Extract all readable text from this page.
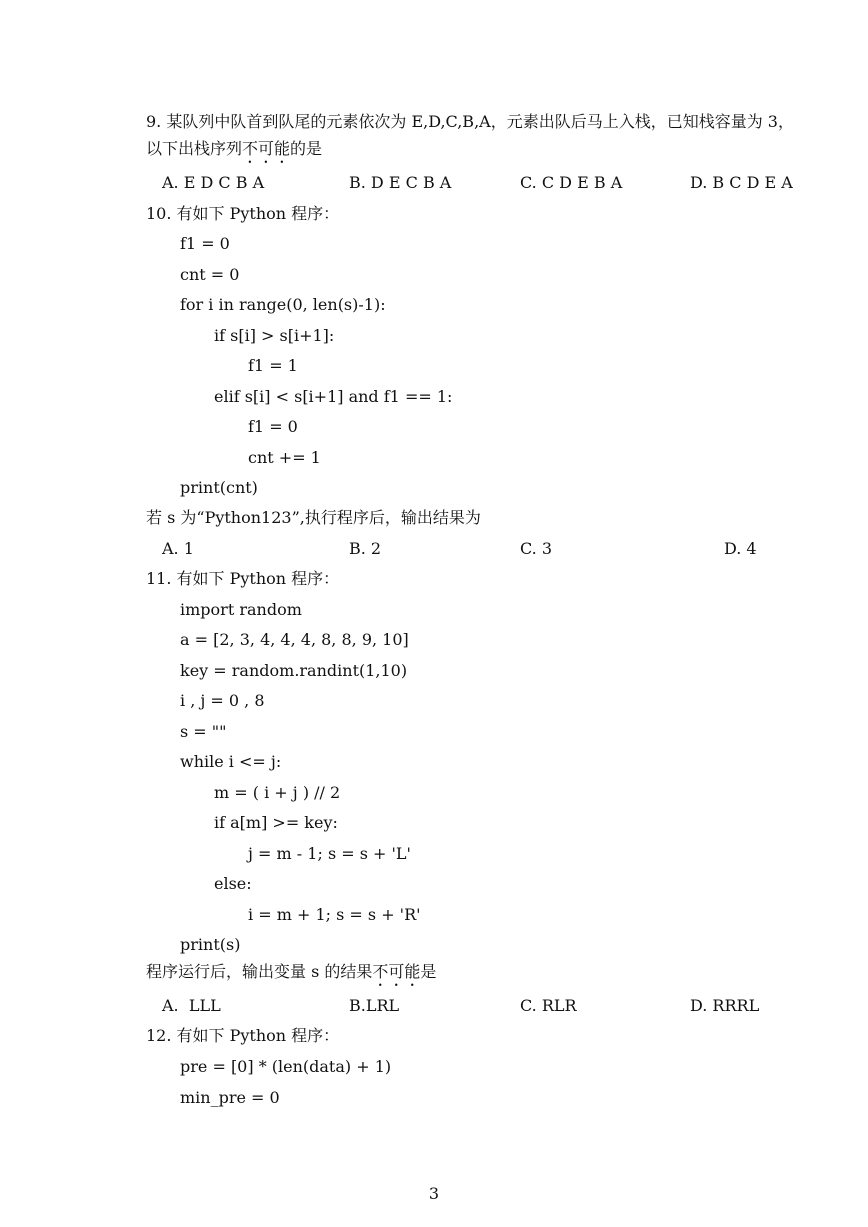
9. 某队列中队首到队尾的元素依次为 E,D,C,B,A，元素出队后马上入栈，已知栈容量为 3，
以下出栈序列不可能的是
A. E D C B A	B. D E C B A	C. C D E B A	D. B C D E A
10. 有如下 Python 程序：
f1 = 0
cnt = 0
for i in range(0, len(s)-1):
if s[i] > s[i+1]:
f1 = 1
elif s[i] < s[i+1] and f1 == 1:
f1 = 0
cnt += 1
print(cnt)
若 s 为“Python123”,执行程序后，输出结果为
A. 1	B. 2	C. 3	D. 4
11. 有如下 Python 程序：
import random
a = [2, 3, 4, 4, 4, 8, 8, 9, 10]
key = random.randint(1,10)
i , j = 0 , 8
s = ""
while i <= j:
m = ( i + j ) // 2
if a[m] >= key:
j = m - 1; s = s + 'L'
else:
i = m + 1; s = s + 'R'
print(s)
程序运行后，输出变量 s 的结果不可能是
A.  LLL	B.LRL	C. RLR	D. RRRL
12. 有如下 Python 程序：
pre = [0] * (len(data) + 1)
min_pre = 0
3
